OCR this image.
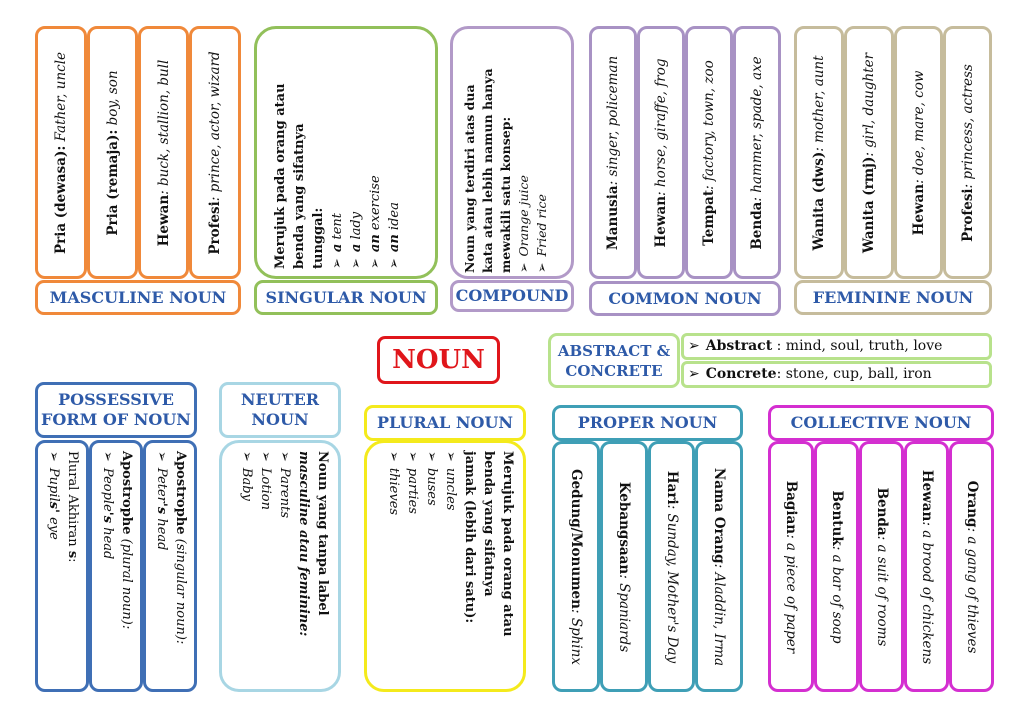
Pria (dewasa): Father, uncle
Pria (remaja): boy, son
Hewan: buck, stallion, bull
Profesi: prince, actor, wizard
MASCULINE NOUN
Merujuk pada orang atau benda yang sifatnya tunggal: ➢a tent
➢a lady
➢an exercise
➢an idea
SINGULAR NOUN
Noun yang terdiri atas dua kata atau lebih namun hanya mewakili satu konsep: ➢Orange juice
➢Fried rice
COMPOUND
Manusia: singer, policeman
Hewan: horse, giraffe, frog
Tempat: factory, town, zoo
Benda: hammer, spade, axe
COMMON NOUN
Wanita (dws): mother, aunt
Wanita (rmj): girl, daughter
Hewan: doe, mare, cow
Profesi: princess, actress
FEMININE NOUN
NOUN	ABSTRACT &
CONCRETE
➢ Abstract : mind, soul, truth, love
➢ Concrete: stone, cup, ball, iron
POSSESSIVE
FORM OF NOUN
Plural Akhiran s:
➢Pupils' eye	Apostrophe (plural noun):
➢People's head
Apostrophe (singular noun):
➢Peter's head
NEUTER
NOUN
Noun yang tanpa label
masculine atau feminine:
➢Parents
➢Lotion
➢Baby
PLURAL NOUN
Merujuk pada orang atau
benda yang sifatnya
jamak (lebih dari satu):
➢uncles
➢buses
➢parties
➢thieves
PROPER NOUN
Gedung/Monumen: Sphinx
Kebangsaan: Spaniards
Hari: Sunday, Mother's Day Nama Orang: Aladdin, Irma
COLLECTIVE NOUN
Bagian: a piece of paper
Bentuk: a bar of soap
Benda: a suit of rooms
Hewan: a brood of chickens
Orang: a gang of thieves
